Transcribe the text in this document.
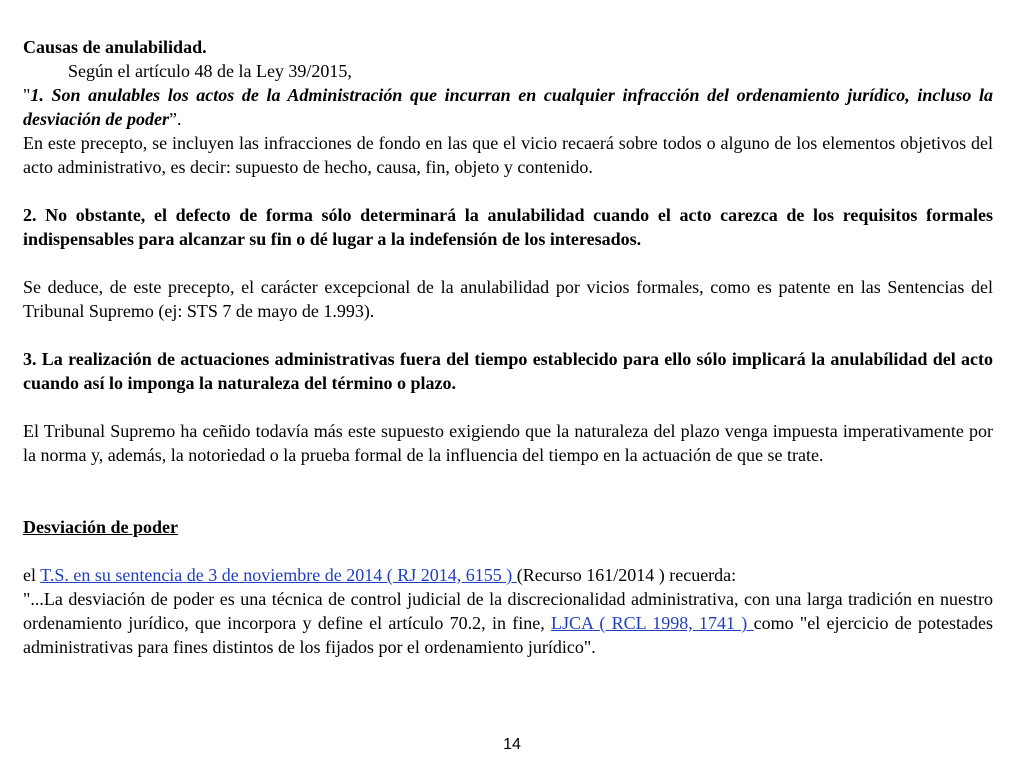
Causas de anulabilidad.

Según el artículo 48 de la Ley 39/2015,

"1. Son anulables los actos de la Administración que incurran en cualquier infracción del ordenamiento jurídico, incluso la desviación de poder”.

En este precepto, se incluyen las infracciones de fondo en las que el vicio recaerá sobre todos o alguno de los elementos objetivos del acto administrativo, es decir: supuesto de hecho, causa, fin, objeto y contenido.

2. No obstante, el defecto de forma sólo determinará la anulabilidad cuando el acto carezca de los requisitos formales indispensables para alcanzar su fin o dé lugar a la indefensión de los interesados.

Se deduce, de este precepto, el carácter excepcional de la anulabilidad por vicios formales, como es patente en las Sentencias del Tribunal Supremo (ej: STS 7 de mayo de 1.993).

3. La realización de actuaciones administrativas fuera del tiempo establecido para ello sólo implicará la anulabílidad del acto cuando así lo imponga la naturaleza del término o plazo.

El Tribunal Supremo ha ceñido todavía más este supuesto exigiendo que la naturaleza del plazo venga impuesta imperativamente por la norma y, además, la notoriedad o la prueba formal de la influencia del tiempo en la actuación de que se trate.

Desviación de poder

el T.S. en su sentencia de 3 de noviembre de 2014 ( RJ 2014, 6155 ) (Recurso 161/2014 ) recuerda:

"...La desviación de poder es una técnica de control judicial de la discrecionalidad administrativa, con una larga tradición en nuestro ordenamiento jurídico, que incorpora y define el artículo 70.2, in fine, LJCA ( RCL 1998, 1741 ) como "el ejercicio de potestades administrativas para fines distintos de los fijados por el ordenamiento jurídico".

14
